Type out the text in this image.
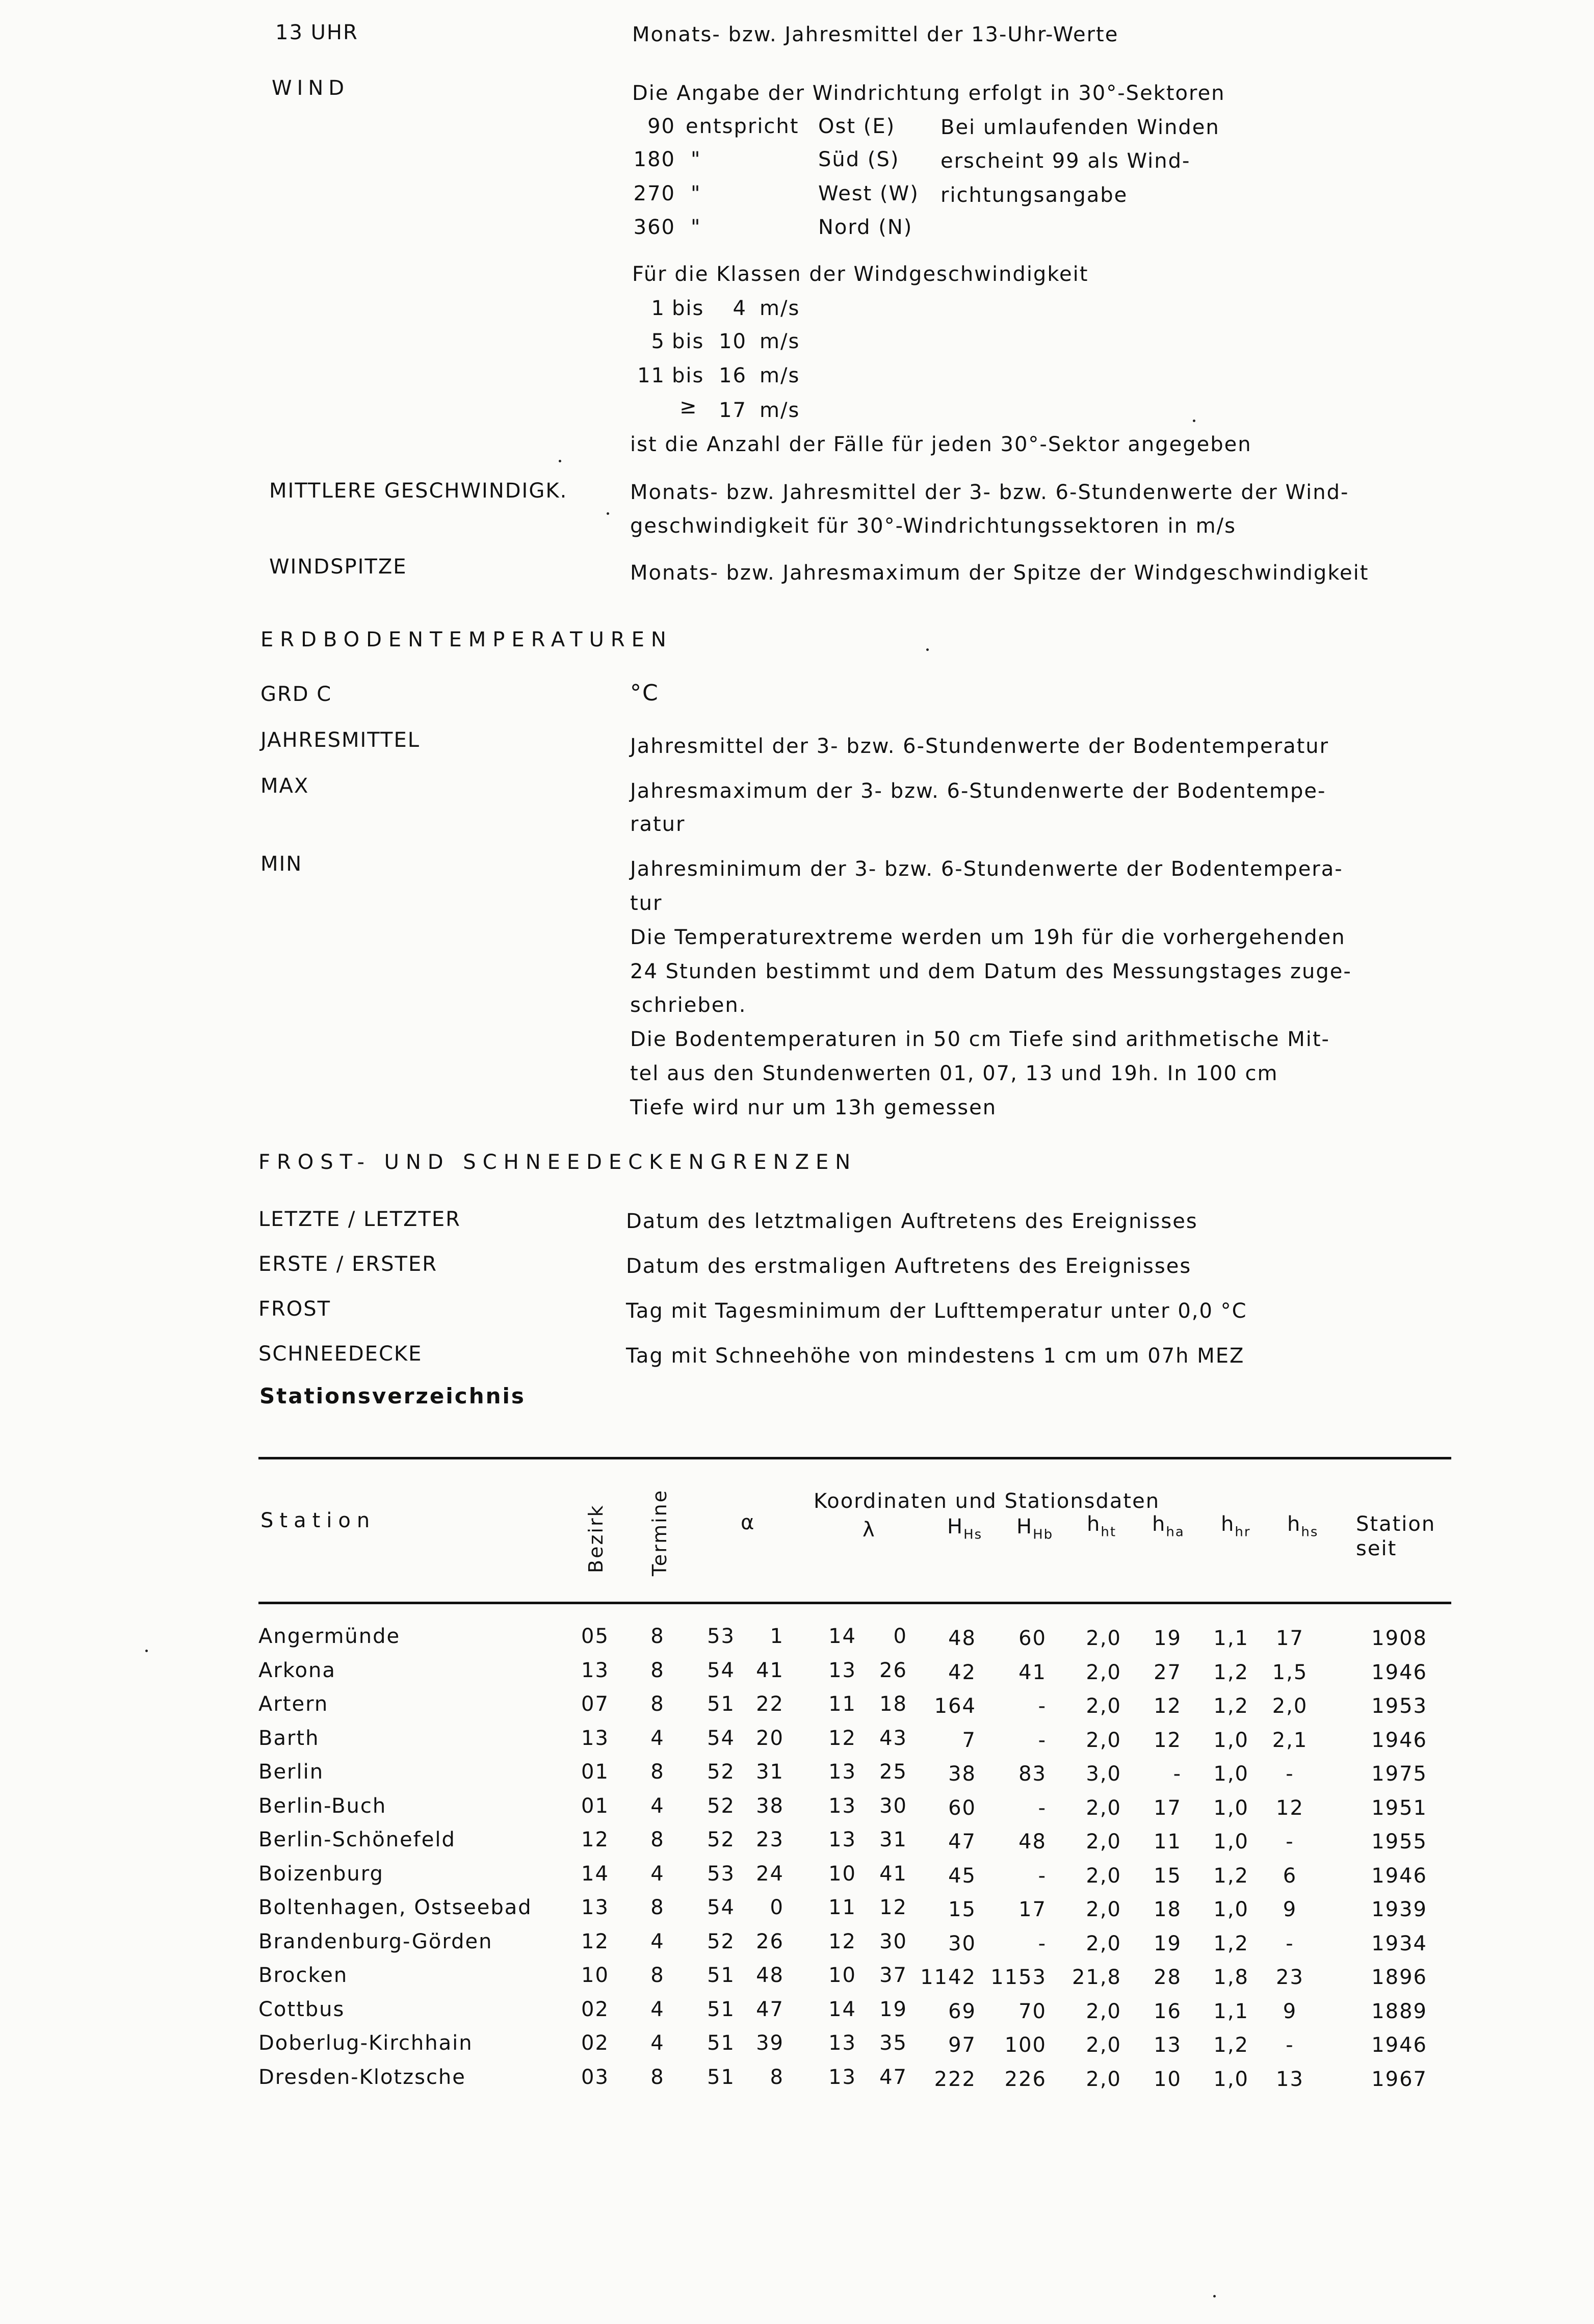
13 UHR	Monats- bzw. Jahresmittel der 13-Uhr-Werte
WIND	Die Angabe der Windrichtung erfolgt in 30°-Sektoren
90 entspricht Ost (E) Bei umlaufenden Winden
180 "	Süd (S) erscheint 99 als Wind-
270 "	West (W) richtungsangabe
360 "	Nord (N)
Für die Klassen der Windgeschwindigkeit
1 bis	4 m/s
5 bis 10 m/s
11 bis 16 m/s
≥ 17 m/s
ist die Anzahl der Fälle für jeden 30°-Sektor angegeben
MITTLERE GESCHWINDIGK.	Monats- bzw. Jahresmittel der 3- bzw. 6-Stundenwerte der Wind-
geschwindigkeit für 30°-Windrichtungssektoren in m/s
WINDSPITZE	Monats- bzw. Jahresmaximum der Spitze der Windgeschwindigkeit
ERDBODENTEMPERATUREN
GRD C	°C
JAHRESMITTEL	Jahresmittel der 3- bzw. 6-Stundenwerte der Bodentemperatur
MAX	Jahresmaximum der 3- bzw. 6-Stundenwerte der Bodentempe-
ratur
MIN	Jahresminimum der 3- bzw. 6-Stundenwerte der Bodentempera-
tur
Die Temperaturextreme werden um 19h für die vorhergehenden
24 Stunden bestimmt und dem Datum des Messungstages zuge-
schrieben.
Die Bodentemperaturen in 50 cm Tiefe sind arithmetische Mit-
tel aus den Stundenwerten 01, 07, 13 und 19h. In 100 cm
Tiefe wird nur um 13h gemessen
FROST- UND SCHNEEDECKENGRENZEN
LETZTE / LETZTER	Datum des letztmaligen Auftretens des Ereignisses
ERSTE / ERSTER	Datum des erstmaligen Auftretens des Ereignisses
FROST	Tag mit Tagesminimum der Lufttemperatur unter 0,0 °C
SCHNEEDECKE	Tag mit Schneehöhe von mindestens 1 cm um 07h MEZ
Stationsverzeichnis
Station	Bezirk Termine	α
Koordinaten und Stationsdaten
λ	$H_{Hs}$ $H_{Hb}$ $h_{ht}$ $h_{ha}$ $h_{hr}$ $h_{hs}$ Station
seit
Angermünde	05 8 53	1	14	0	48	60	2,0	19	1,1	17	1908
Arkona	13 8 54	41	13	26	42	41	2,0	27	1,2 1,5	1946
Artern	07 8 51	22	11	18	164	-	2,0	12	1,2 2,0	1953
Barth	13 4 54	20	12	43	7	-	2,0	12	1,0 2,1	1946
Berlin	01 8 52	31	13	25	38	83	3,0	-	1,0	-	1975
Berlin-Buch	01 4 52	38	13	30	60	-	2,0	17	1,0	12	1951
Berlin-Schönefeld	12 8 52	23	13	31	47	48	2,0	11	1,0	-	1955
Boizenburg	14 4 53	24	10	41	45	-	2,0	15	1,2	6	1946
Boltenhagen, Ostseebad	13 8 54	0	11	12	15	17	2,0	18	1,0	9	1939
Brandenburg-Görden	12 4 52	26	12	30	30	-	2,0	19	1,2	-	1934
Brocken	10 8 51	48	10	37 1142 1153	21,8	28	1,8	23	1896
Cottbus	02 4 51	47	14	19	69	70	2,0	16	1,1	9	1889
Doberlug-Kirchhain	02 4 51	39	13	35	97	100	2,0	13	1,2	-	1946
Dresden-Klotzsche	03 8 51	8	13	47	222	226	2,0	10	1,0	13	1967
